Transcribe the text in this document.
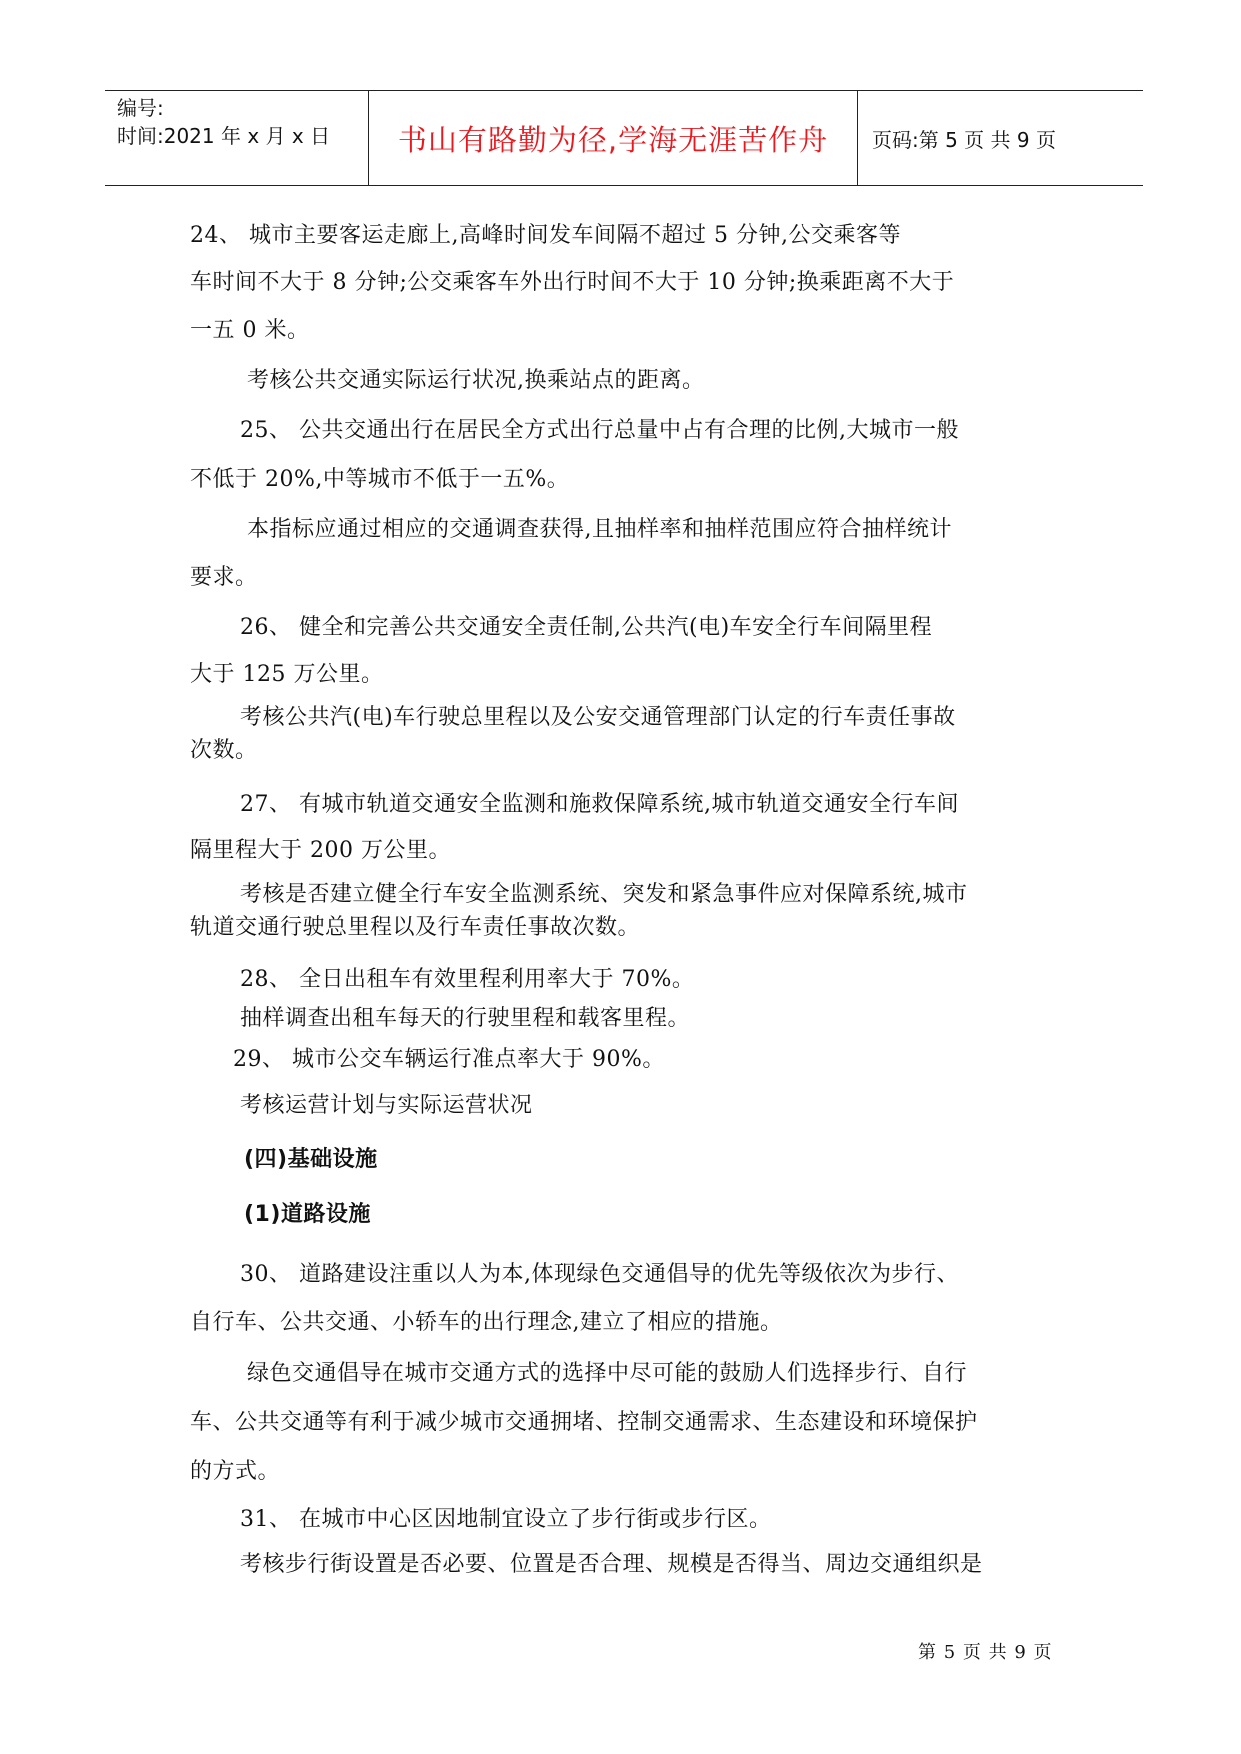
编号:
时间:2021 年 x 月 x 日	书山有路勤为径,学海无涯苦作舟	页码:第 5 页 共 9 页
24、 城市主要客运走廊上,高峰时间发车间隔不超过 5 分钟,公交乘客等
车时间不大于 8 分钟;公交乘客车外出行时间不大于 10 分钟;换乘距离不大于
一五 0 米。
考核公共交通实际运行状况,换乘站点的距离。
25、 公共交通出行在居民全方式出行总量中占有合理的比例,大城市一般
不低于 20%,中等城市不低于一五%。
本指标应通过相应的交通调查获得,且抽样率和抽样范围应符合抽样统计
要求。
26、 健全和完善公共交通安全责任制,公共汽(电)车安全行车间隔里程
大于 125 万公里。
考核公共汽(电)车行驶总里程以及公安交通管理部门认定的行车责任事故
次数。
27、 有城市轨道交通安全监测和施救保障系统,城市轨道交通安全行车间
隔里程大于 200 万公里。
考核是否建立健全行车安全监测系统、突发和紧急事件应对保障系统,城市
轨道交通行驶总里程以及行车责任事故次数。
28、 全日出租车有效里程利用率大于 70%。
抽样调查出租车每天的行驶里程和载客里程。
29、 城市公交车辆运行准点率大于 90%。
考核运营计划与实际运营状况
(四)基础设施
(1)道路设施
30、 道路建设注重以人为本,体现绿色交通倡导的优先等级依次为步行、
自行车、公共交通、小轿车的出行理念,建立了相应的措施。
绿色交通倡导在城市交通方式的选择中尽可能的鼓励人们选择步行、自行
车、公共交通等有利于减少城市交通拥堵、控制交通需求、生态建设和环境保护
的方式。
31、 在城市中心区因地制宜设立了步行街或步行区。
考核步行街设置是否必要、位置是否合理、规模是否得当、周边交通组织是
第 5 页 共 9 页
